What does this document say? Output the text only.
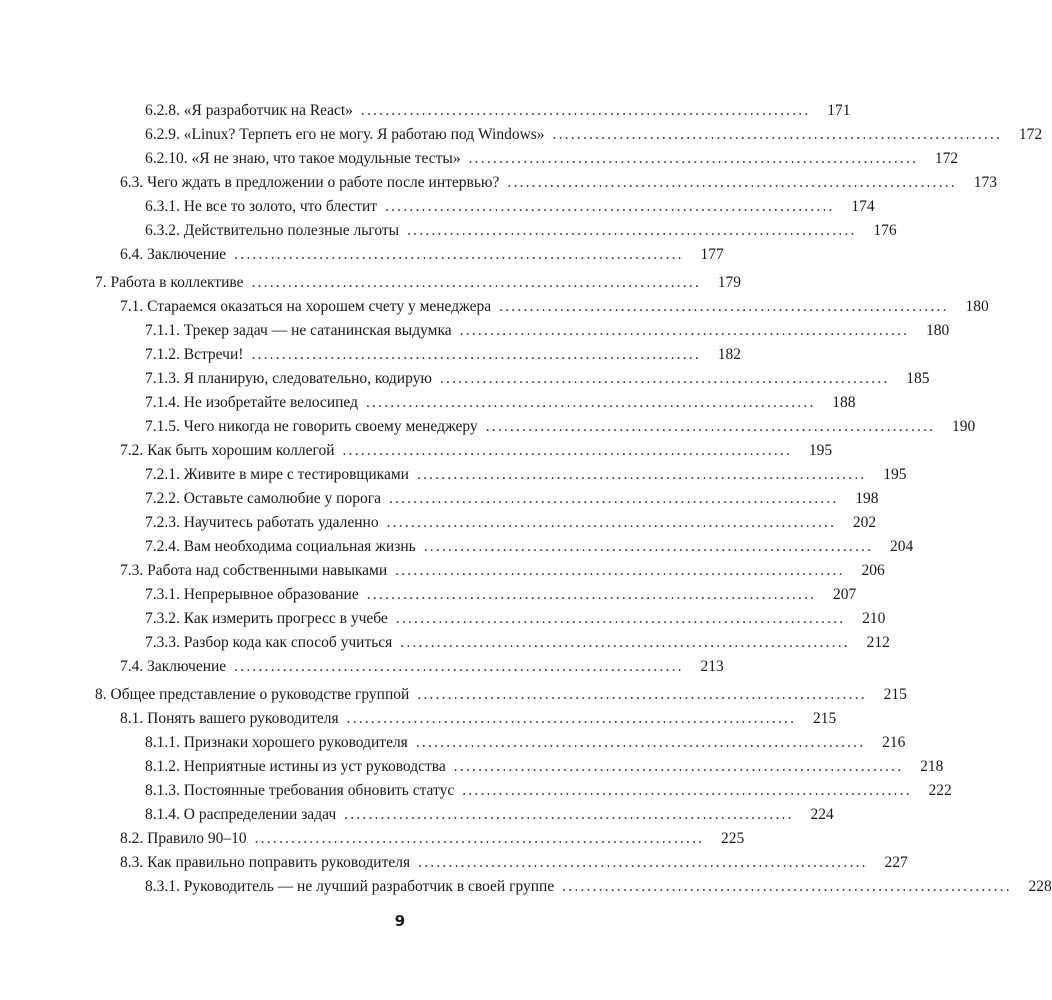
6.2.8. «Я разработчик на React» ..........................................................................	171
6.2.9. «Linux? Терпеть его не могу. Я работаю под Windows» ..........................................................................	172
6.2.10. «Я не знаю, что такое модульные тесты» ..........................................................................	172
6.3. Чего ждать в предложении о работе после интервью? ..........................................................................	173
6.3.1. Не все то золото, что блестит ..........................................................................	174
6.3.2. Действительно полезные льготы ..........................................................................	176
6.4. Заключение ..........................................................................	177
7. Работа в коллективе ..........................................................................	179
7.1. Стараемся оказаться на хорошем счету у менеджера ..........................................................................	180
7.1.1. Трекер задач — не сатанинская выдумка ..........................................................................	180
7.1.2. Встречи! ..........................................................................	182
7.1.3. Я планирую, следовательно, кодирую ..........................................................................	185
7.1.4. Не изобретайте велосипед ..........................................................................	188
7.1.5. Чего никогда не говорить своему менеджеру ..........................................................................	190
7.2. Как быть хорошим коллегой ..........................................................................	195
7.2.1. Живите в мире с тестировщиками ..........................................................................	195
7.2.2. Оставьте самолюбие у порога ..........................................................................	198
7.2.3. Научитесь работать удаленно ..........................................................................	202
7.2.4. Вам необходима социальная жизнь ..........................................................................	204
7.3. Работа над собственными навыками ..........................................................................	206
7.3.1. Непрерывное образование ..........................................................................	207
7.3.2. Как измерить прогресс в учебе ..........................................................................	210
7.3.3. Разбор кода как способ учиться ..........................................................................	212
7.4. Заключение ..........................................................................	213
8. Общее представление о руководстве группой ..........................................................................	215
8.1. Понять вашего руководителя ..........................................................................	215
8.1.1. Признаки хорошего руководителя ..........................................................................	216
8.1.2. Неприятные истины из уст руководства ..........................................................................	218
8.1.3. Постоянные требования обновить статус ..........................................................................	222
8.1.4. О распределении задач ..........................................................................	224
8.2. Правило 90–10 ..........................................................................	225
8.3. Как правильно поправить руководителя ..........................................................................	227
8.3.1. Руководитель — не лучший разработчик в своей группе ..........................................................................	228
9
